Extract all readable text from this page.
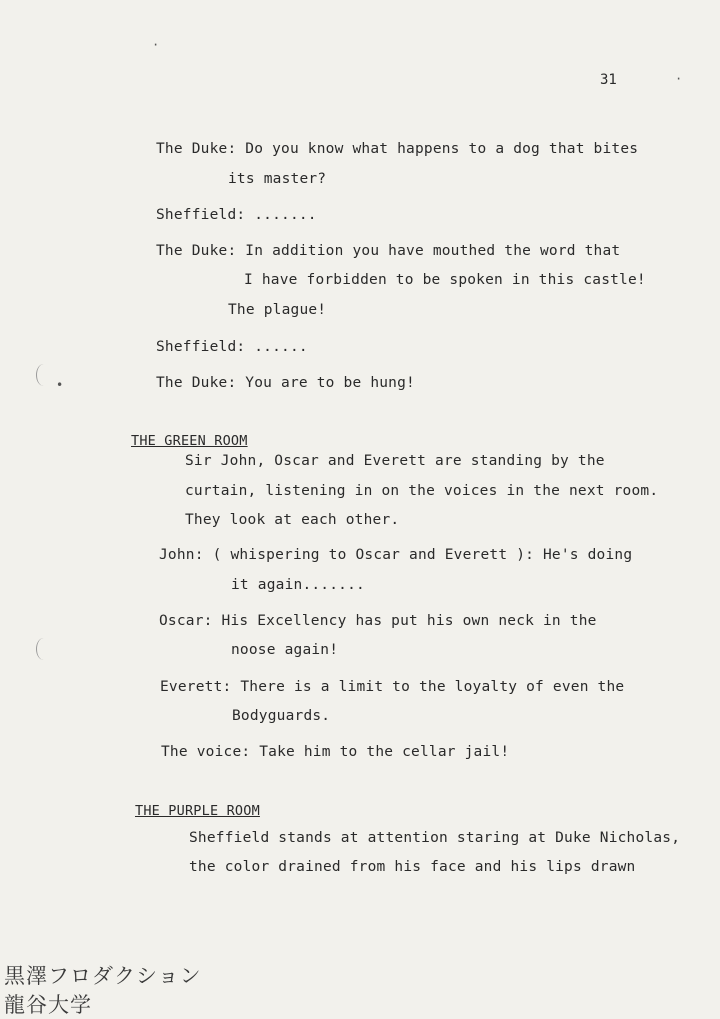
·
·
•
31
The Duke: Do you know what happens to a dog that bites
its master?
Sheffield: .......
The Duke: In addition you have mouthed the word that
I have forbidden to be spoken in this castle!
The plague!
Sheffield: ......
The Duke: You are to be hung!
THE GREEN ROOM
Sir John, Oscar and Everett are standing by the
curtain, listening in on the voices in the next room.
They look at each other.
John: ( whispering to Oscar and Everett ): He's doing
it again.......
Oscar: His Excellency has put his own neck in the
noose again!
Everett: There is a limit to the loyalty of even the
Bodyguards.
The voice: Take him to the cellar jail!
THE PURPLE ROOM
Sheffield stands at attention staring at Duke Nicholas,
the color drained from his face and his lips drawn
黒澤フロダクション
龍谷大学
